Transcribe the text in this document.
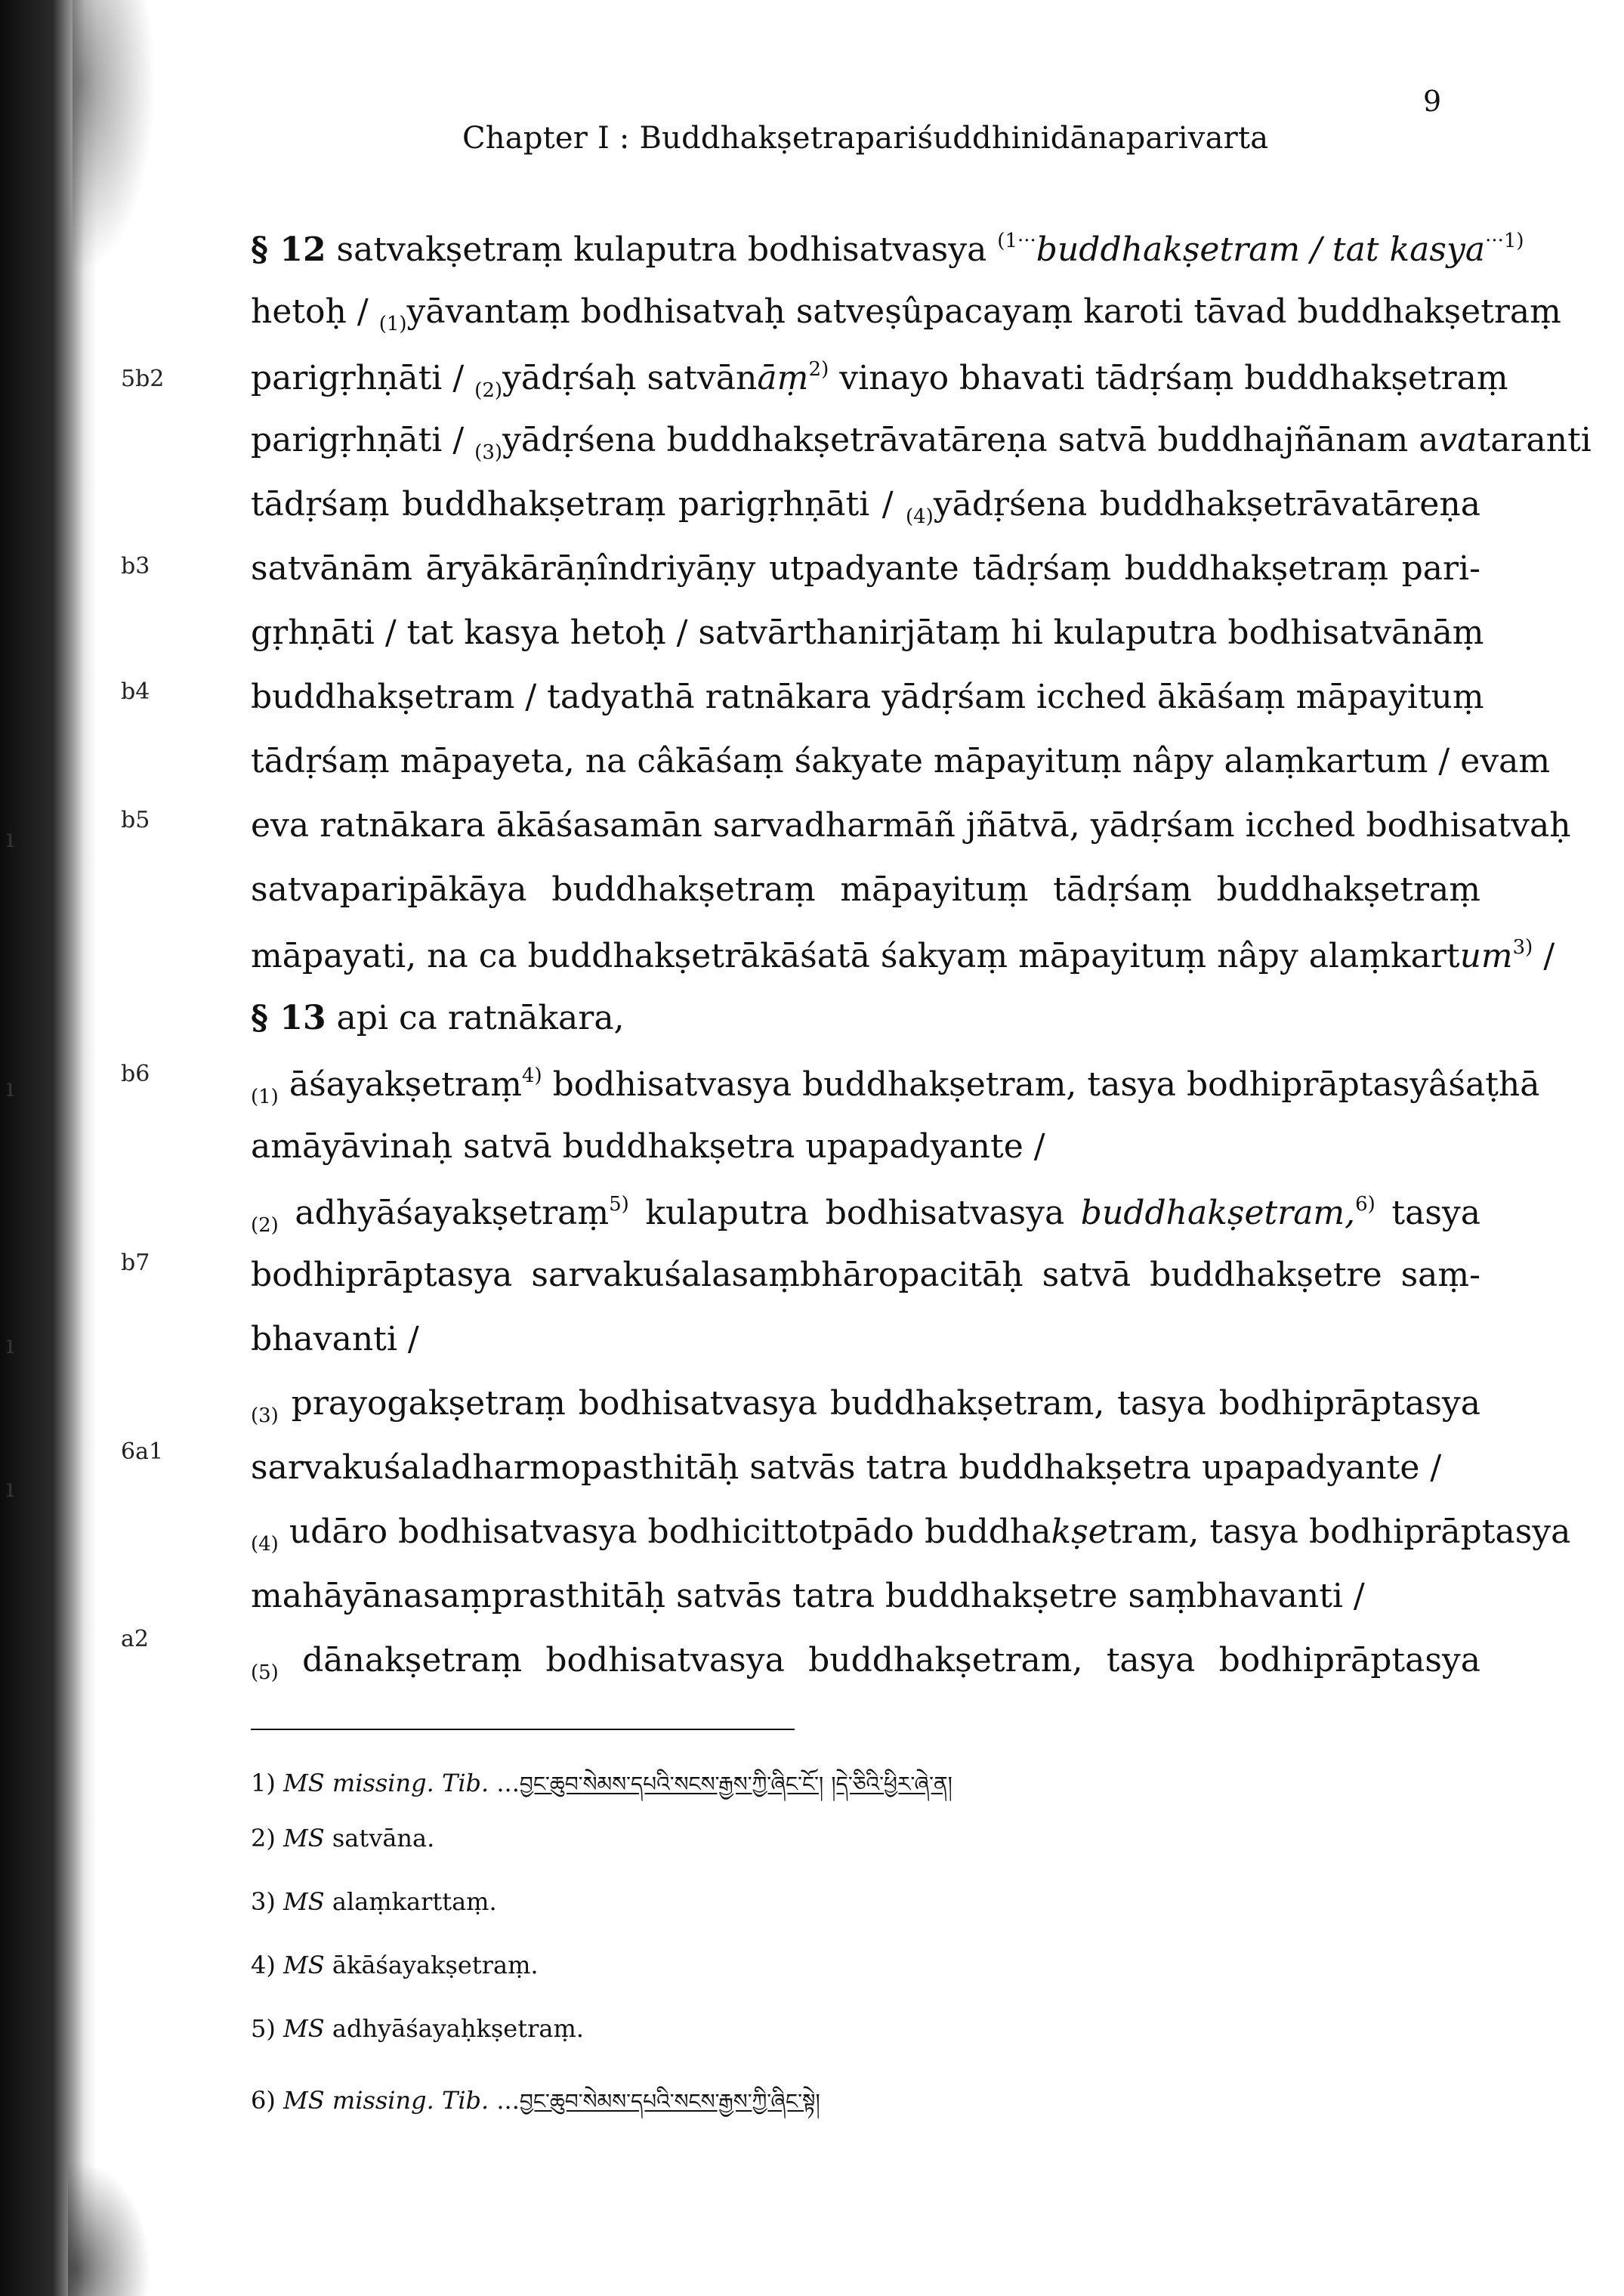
ı
ı
ı
ı
Chapter I : Buddhakṣetrapariśuddhinidānaparivarta
9
5b2
b3
b4
b5
b6
b7
6a1
a2
§ 12 satvakṣetraṃ kulaputra bodhisatvasya $^{(1\cdot\cdot\cdot}$buddhakṣetram / tat kasya$^{\cdot\cdot\cdot 1)}$
hetoḥ / $_{(1)}$yāvantaṃ bodhisatvaḥ satveṣûpacayaṃ karoti tāvad buddhakṣetraṃ
parigṛhṇāti / $_{(2)}$yādṛśaḥ satvānāṃ$^{2)}$ vinayo bhavati tādṛśaṃ buddhakṣetraṃ
parigṛhṇāti / $_{(3)}$yādṛśena buddhakṣetrāvatāreṇa satvā buddhajñānam avataranti
tādṛśaṃ buddhakṣetraṃ parigṛhṇāti / $_{(4)}$yādṛśena buddhakṣetrāvatāreṇa
satvānām āryākārāṇîndriyāṇy utpadyante tādṛśaṃ buddhakṣetraṃ pari-
gṛhṇāti / tat kasya hetoḥ / satvārthanirjātaṃ hi kulaputra bodhisatvānāṃ
buddhakṣetram / tadyathā ratnākara yādṛśam icched ākāśaṃ māpayituṃ
tādṛśaṃ māpayeta, na câkāśaṃ śakyate māpayituṃ nâpy alaṃkartum / evam
eva ratnākara ākāśasamān sarvadharmāñ jñātvā, yādṛśam icched bodhisatvaḥ
satvaparipākāya buddhakṣetraṃ māpayituṃ tādṛśaṃ buddhakṣetraṃ
māpayati, na ca buddhakṣetrākāśatā śakyaṃ māpayituṃ nâpy alaṃkartum$^{3)}$ /
§ 13 api ca ratnākara,
$_{(1)}$ āśayakṣetraṃ$^{4)}$ bodhisatvasya buddhakṣetram, tasya bodhiprāptasyâśaṭhā
amāyāvinaḥ satvā buddhakṣetra upapadyante /
$_{(2)}$ adhyāśayakṣetraṃ$^{5)}$ kulaputra bodhisatvasya buddhakṣetram,$^{6)}$ tasya
bodhiprāptasya sarvakuśalasaṃbhāropacitāḥ satvā buddhakṣetre saṃ-
bhavanti /
$_{(3)}$ prayogakṣetraṃ bodhisatvasya buddhakṣetram, tasya bodhiprāptasya
sarvakuśaladharmopasthitāḥ satvās tatra buddhakṣetra upapadyante /
$_{(4)}$ udāro bodhisatvasya bodhicittotpādo buddhakṣetram, tasya bodhiprāptasya
mahāyānasaṃprasthitāḥ satvās tatra buddhakṣetre saṃbhavanti /
$_{(5)}$ dānakṣetraṃ bodhisatvasya buddhakṣetram, tasya bodhiprāptasya
1) MS missing. Tib. ...བྱང་ཆུབ་སེམས་དཔའི་སངས་རྒྱས་ཀྱི་ཞིང་ངོ་། །དེ་ཅིའི་ཕྱིར་ཞེ་ན།
2) MS satvāna.
3) MS alaṃkarttaṃ.
4) MS ākāśayakṣetraṃ.
5) MS adhyāśayaḥkṣetraṃ.
6) MS missing. Tib. ...བྱང་ཆུབ་སེམས་དཔའི་སངས་རྒྱས་ཀྱི་ཞིང་སྟེ།
